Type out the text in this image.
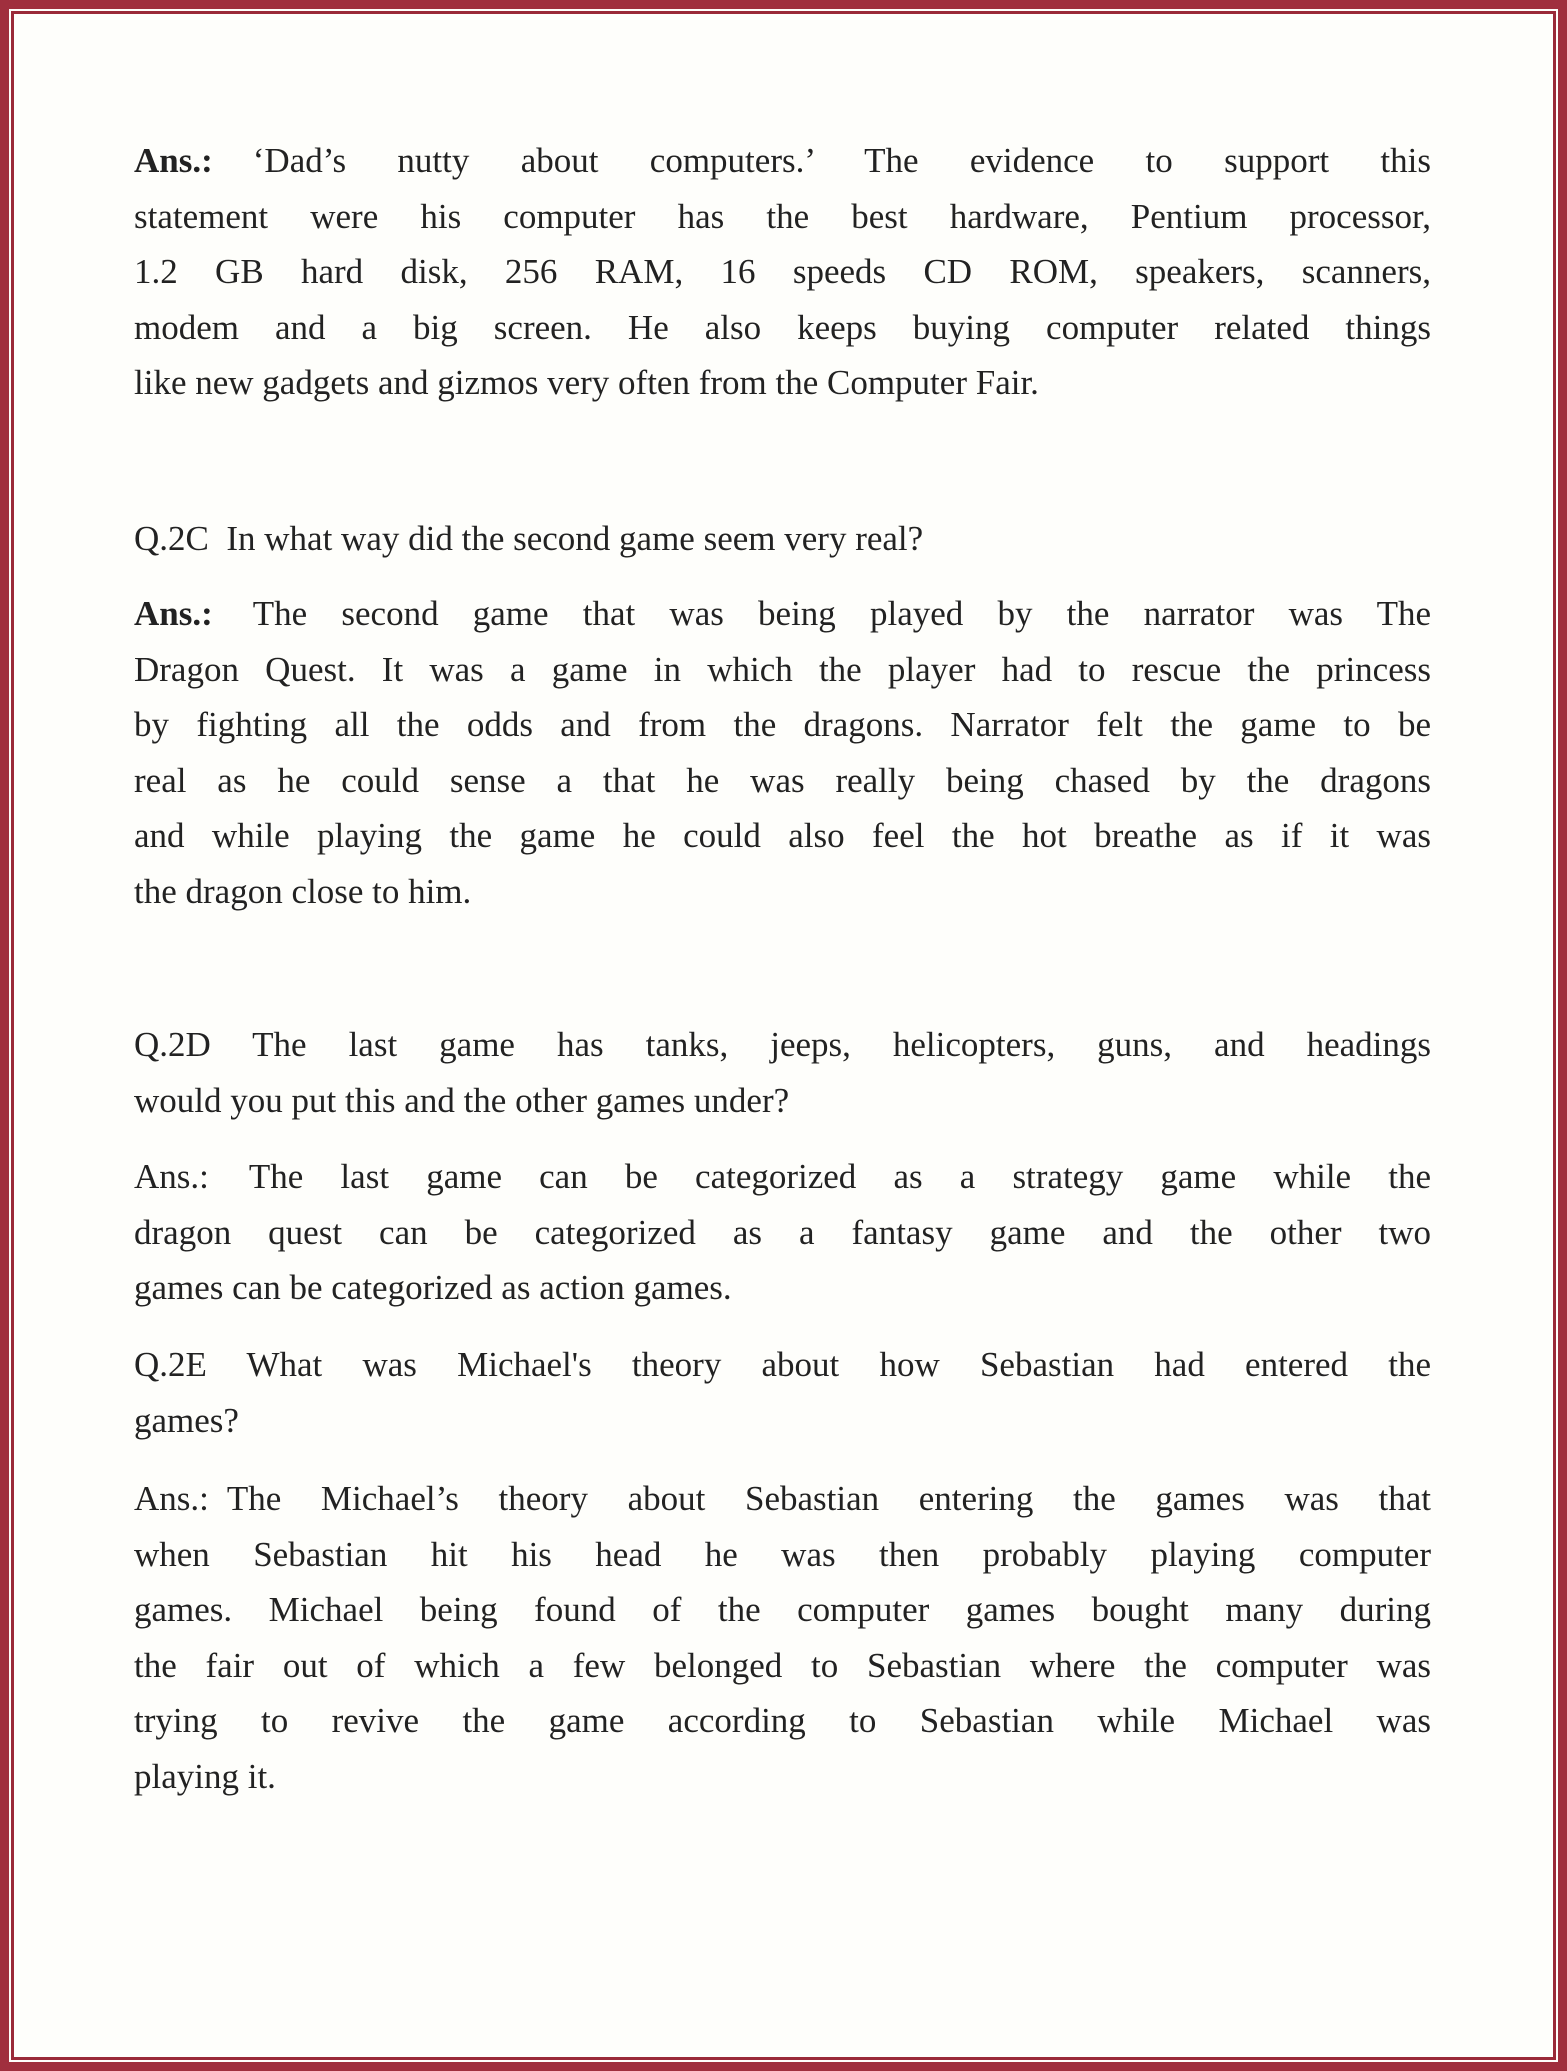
Ans.: ‘Dad’s nutty about computers.’ The evidence to support this
statement were his computer has the best hardware, Pentium processor,
1.2 GB hard disk, 256 RAM, 16 speeds CD ROM, speakers, scanners,
modem and a big screen. He also keeps buying computer related things
like new gadgets and gizmos very often from the Computer Fair.
Q.2C  In what way did the second game seem very real?
Ans.: The second game that was being played by the narrator was The
Dragon Quest. It was a game in which the player had to rescue the princess
by fighting all the odds and from the dragons. Narrator felt the game to be
real as he could sense a that he was really being chased by the dragons
and while playing the game he could also feel the hot breathe as if it was
the dragon close to him.
Q.2D The last game has tanks, jeeps, helicopters, guns, and headings
would you put this and the other games under?
Ans.: The last game can be categorized as a strategy game while the
dragon quest can be categorized as a fantasy game and the other two
games can be categorized as action games.
Q.2E What was Michael's theory about how Sebastian had entered the
games?
Ans.: The Michael’s theory about Sebastian entering the games was that
when Sebastian hit his head he was then probably playing computer
games. Michael being found of the computer games bought many during
the fair out of which a few belonged to Sebastian where the computer was
trying to revive the game according to Sebastian while Michael was
playing it.
